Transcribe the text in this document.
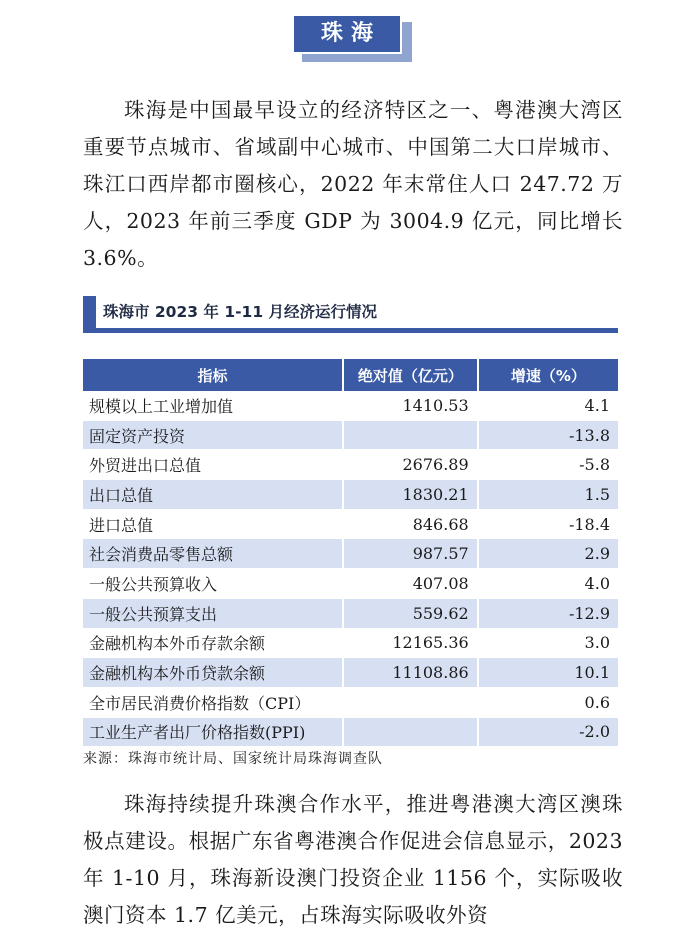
珠海
珠海是中国最早设立的经济特区之一、粤港澳大湾区重要节点城市、省域副中心城市、中国第二大口岸城市、珠江口西岸都市圈核心，2022 年末常住人口 247.72 万人，2023 年前三季度 GDP 为 3004.9 亿元，同比增长 3.6%。
珠海市 2023 年 1-11 月经济运行情况
指标	绝对值（亿元）	增速（%）
规模以上工业增加值	1410.53	4.1
固定资产投资		-13.8
外贸进出口总值	2676.89	-5.8
出口总值	1830.21	1.5
进口总值	846.68	-18.4
社会消费品零售总额	987.57	2.9
一般公共预算收入	407.08	4.0
一般公共预算支出	559.62	-12.9
金融机构本外币存款余额	12165.36	3.0
金融机构本外币贷款余额	11108.86	10.1
全市居民消费价格指数（CPI）		0.6
工业生产者出厂价格指数(PPI)		-2.0
来源：珠海市统计局、国家统计局珠海调查队
珠海持续提升珠澳合作水平，推进粤港澳大湾区澳珠极点建设。根据广东省粤港澳合作促进会信息显示，2023 年 1-10 月，珠海新设澳门投资企业 1156 个，实际吸收澳门资本 1.7 亿美元，占珠海实际吸收外资
